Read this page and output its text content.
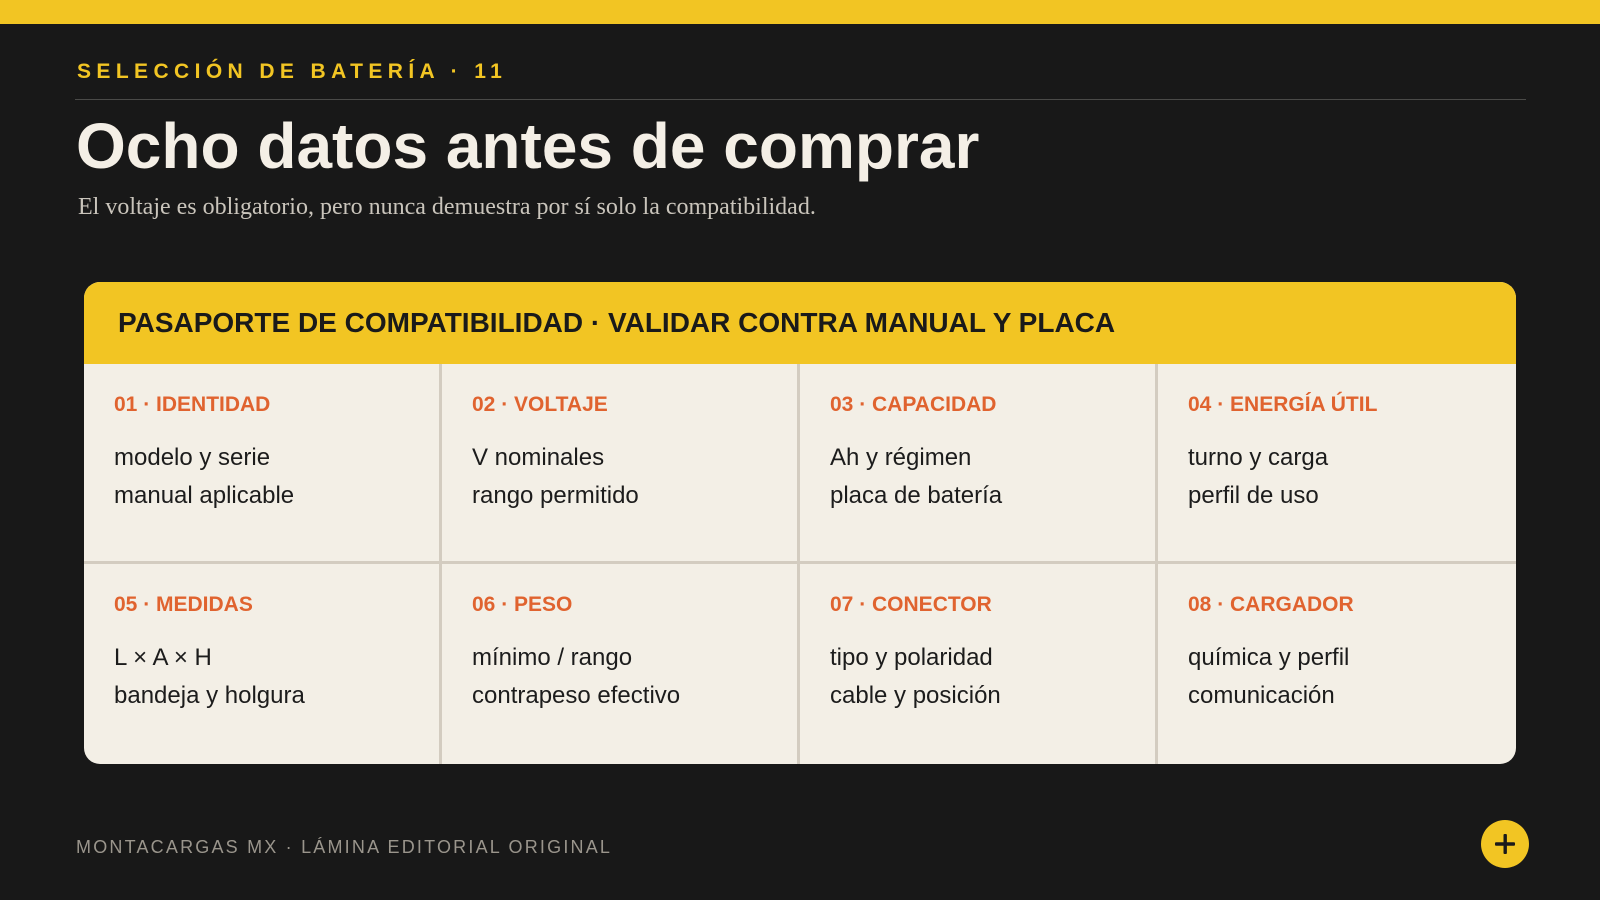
SELECCIÓN DE BATERÍA · 11
Ocho datos antes de comprar

El voltaje es obligatorio, pero nunca demuestra por sí solo la compatibilidad.

PASAPORTE DE COMPATIBILIDAD · VALIDAR CONTRA MANUAL Y PLACA
01 · IDENTIDAD
modelo y serie
manual aplicable
02 · VOLTAJE
V nominales
rango permitido
03 · CAPACIDAD
Ah y régimen
placa de batería
04 · ENERGÍA ÚTIL
turno y carga
perfil de uso
05 · MEDIDAS
L × A × H
bandeja y holgura
06 · PESO
mínimo / rango
contrapeso efectivo
07 · CONECTOR
tipo y polaridad
cable y posición
08 · CARGADOR
química y perfil
comunicación
MONTACARGAS MX · LÁMINA EDITORIAL ORIGINAL
